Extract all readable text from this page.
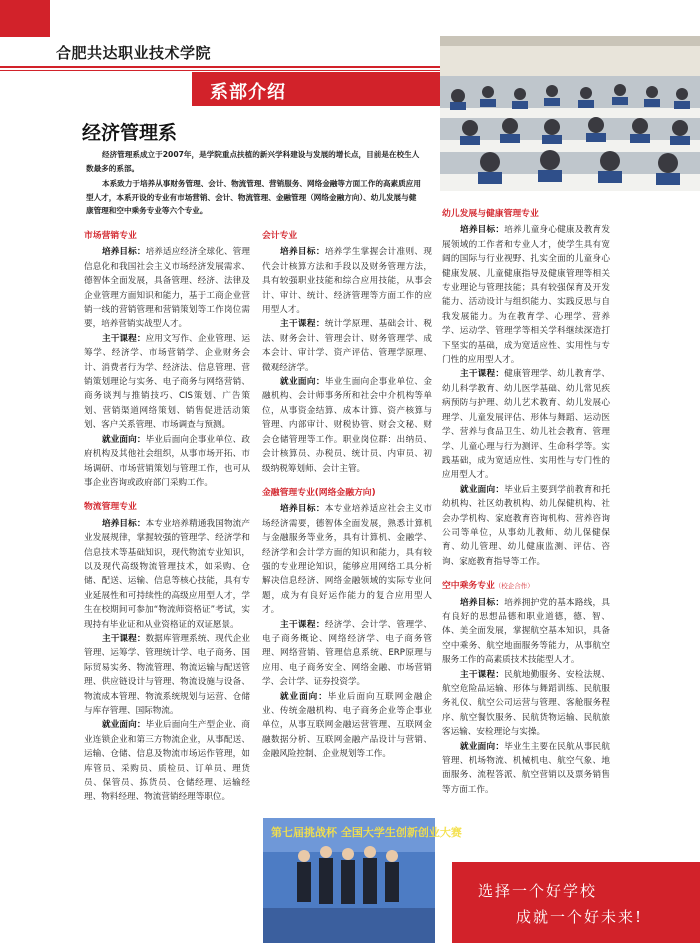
合肥共达职业技术学院
系部介绍
经济管理系

经济管理系成立于2007年，是学院重点扶植的新兴学科建设与发展的增长点，目前是在校生人数最多的系部。

本系致力于培养从事财务管理、会计、物流管理、营销服务、网络金融等方面工作的高素质应用型人才，本系开设的专业有市场营销、会计、物流管理、金融管理（网络金融方向）、幼儿发展与健康管理和空中乘务专业等六个专业。

市场营销专业

培养目标：培养适应经济全球化、管理信息化和我国社会主义市场经济发展需求、德智体全面发展，具备管理、经济、法律及企业管理方面知识和能力，基于工商企业营销一线的营销管理和营销策划等工作岗位需要，培养营销实战型人才。

主干课程：应用文写作、企业管理、运筹学、经济学、市场营销学、企业财务会计、消费者行为学、经济法、信息管理、营销策划理论与实务、电子商务与网络营销、商务谈判与推销技巧、CIS策划、广告策划、营销渠道网络策划、销售促进活动策划、客户关系管理、市场调查与预测。

就业面向：毕业后面向企事业单位、政府机构及其他社会组织，从事市场开拓、市场调研、市场营销策划与管理工作，也可从事企业咨询或政府部门采购工作。

物流管理专业

培养目标：本专业培养精通我国物流产业发展规律，掌握较强的管理学、经济学和信息技术等基础知识，现代物流专业知识，以及现代高级物流管理技术，如采购、仓储、配送、运输、信息等核心技能，具有专业延展性和可持续性的高级应用型人才，学生在校期间可参加“物流师资格证”考试，实现持有毕业证和从业资格证的双证愿景。

主干课程：数据库管理系统、现代企业管理、运筹学、管理统计学、电子商务、国际贸易实务、物流管理、物流运输与配送管理、供应链设计与管理、物流设施与设备、物流成本管理、物流系统规划与运营、仓储与库存管理、国际物流。

就业面向：毕业后面向生产型企业、商业连锁企业和第三方物流企业，从事配送、运输、仓储、信息及物流市场运作管理，如库管员、采购员、质检员、订单员、理货员、保管员、拣货员、仓储经理、运输经理、物料经理、物流营销经理等职位。

会计专业

培养目标：培养学生掌握会计准则、现代会计核算方法和手段以及财务管理方法，具有较强职业技能和综合应用技能，从事会计、审计、统计、经济管理等方面工作的应用型人才。

主干课程：统计学原理、基础会计、税法、财务会计、管理会计、财务管理学、成本会计、审计学、资产评估、管理学原理、微观经济学。

就业面向：毕业生面向企事业单位、金融机构、会计师事务所和社会中介机构等单位，从事资金结算、成本计算、资产核算与管理、内部审计、财税协管、财会文秘、财会仓储管理等工作。职业岗位群：出纳员、会计核算员、办税员、统计员、内审员、初级纳税筹划师、会计主管。

金融管理专业(网络金融方向)

培养目标：本专业培养适应社会主义市场经济需要，德智体全面发展，熟悉计算机与金融服务等业务，具有计算机、金融学、经济学和会计学方面的知识和能力，具有较强的专业理论知识，能够应用网络工具分析解决信息经济、网络金融领域的实际专业问题，成为有良好运作能力的复合应用型人才。

主干课程：经济学、会计学、管理学、电子商务概论、网络经济学、电子商务管理、网络营销、管理信息系统、ERP原理与应用、电子商务安全、网络金融、市场营销学、会计学、证券投资学。

就业面向：毕业后面向互联网金融企业、传统金融机构、电子商务企业等企事业单位，从事互联网金融运营管理、互联网金融数据分析、互联网金融产品设计与营销、金融风险控制、企业规划等工作。

幼儿发展与健康管理专业

培养目标：培养儿童身心健康及教育发展领域的工作者和专业人才，使学生具有宽阔的国际与行业视野、扎实全面的儿童身心健康发展、儿童健康指导及健康管理等相关专业理论与管理技能；具有较强保育及开发能力、活动设计与组织能力、实践反思与自我发展能力。为在教育学、心理学、营养学、运动学、管理学等相关学科继续深造打下坚实的基础，成为宽适应性、实用性与专门性的应用型人才。

主干课程：健康管理学、幼儿教育学、幼儿科学教育、幼儿医学基础、幼儿常见疾病预防与护理、幼儿艺术教育、幼儿发展心理学、儿童发展评估、形体与舞蹈、运动医学、营养与食品卫生、幼儿社会教育、管理学、儿童心理与行为测评、生命科学等。实践基础，成为宽适应性、实用性与专门性的应用型人才。

就业面向：毕业后主要到学前教育和托幼机构、社区幼教机构、幼儿保健机构、社会办学机构、家庭教育咨询机构、营养咨询公司等单位，从事幼儿教师、幼儿保健保育、幼儿管理、幼儿健康监测、评估、咨询、家庭教育指导等工作。

空中乘务专业（校企合作）

培养目标：培养拥护党的基本路线，具有良好的思想品德和职业道德，德、智、体、美全面发展，掌握航空基本知识，具备空中乘务、航空地面服务等能力，从事航空服务工作的高素质技术技能型人才。

主干课程：民航地勤服务、安检法规、航空危险品运输、形体与舞蹈训练、民航服务礼仪、航空公司运营与管理、客舱服务程序、航空餐饮服务、民航货物运输、民航旅客运输、安检理论与实操。

就业面向：毕业生主要在民航从事民航管理、机场物流、机械机电、航空气象、地面服务、流程答派、航空营销以及票务销售等方面工作。

第七届挑战杯 全国大学生创新创业大赛
选择一个好学校
成就一个好未来!
